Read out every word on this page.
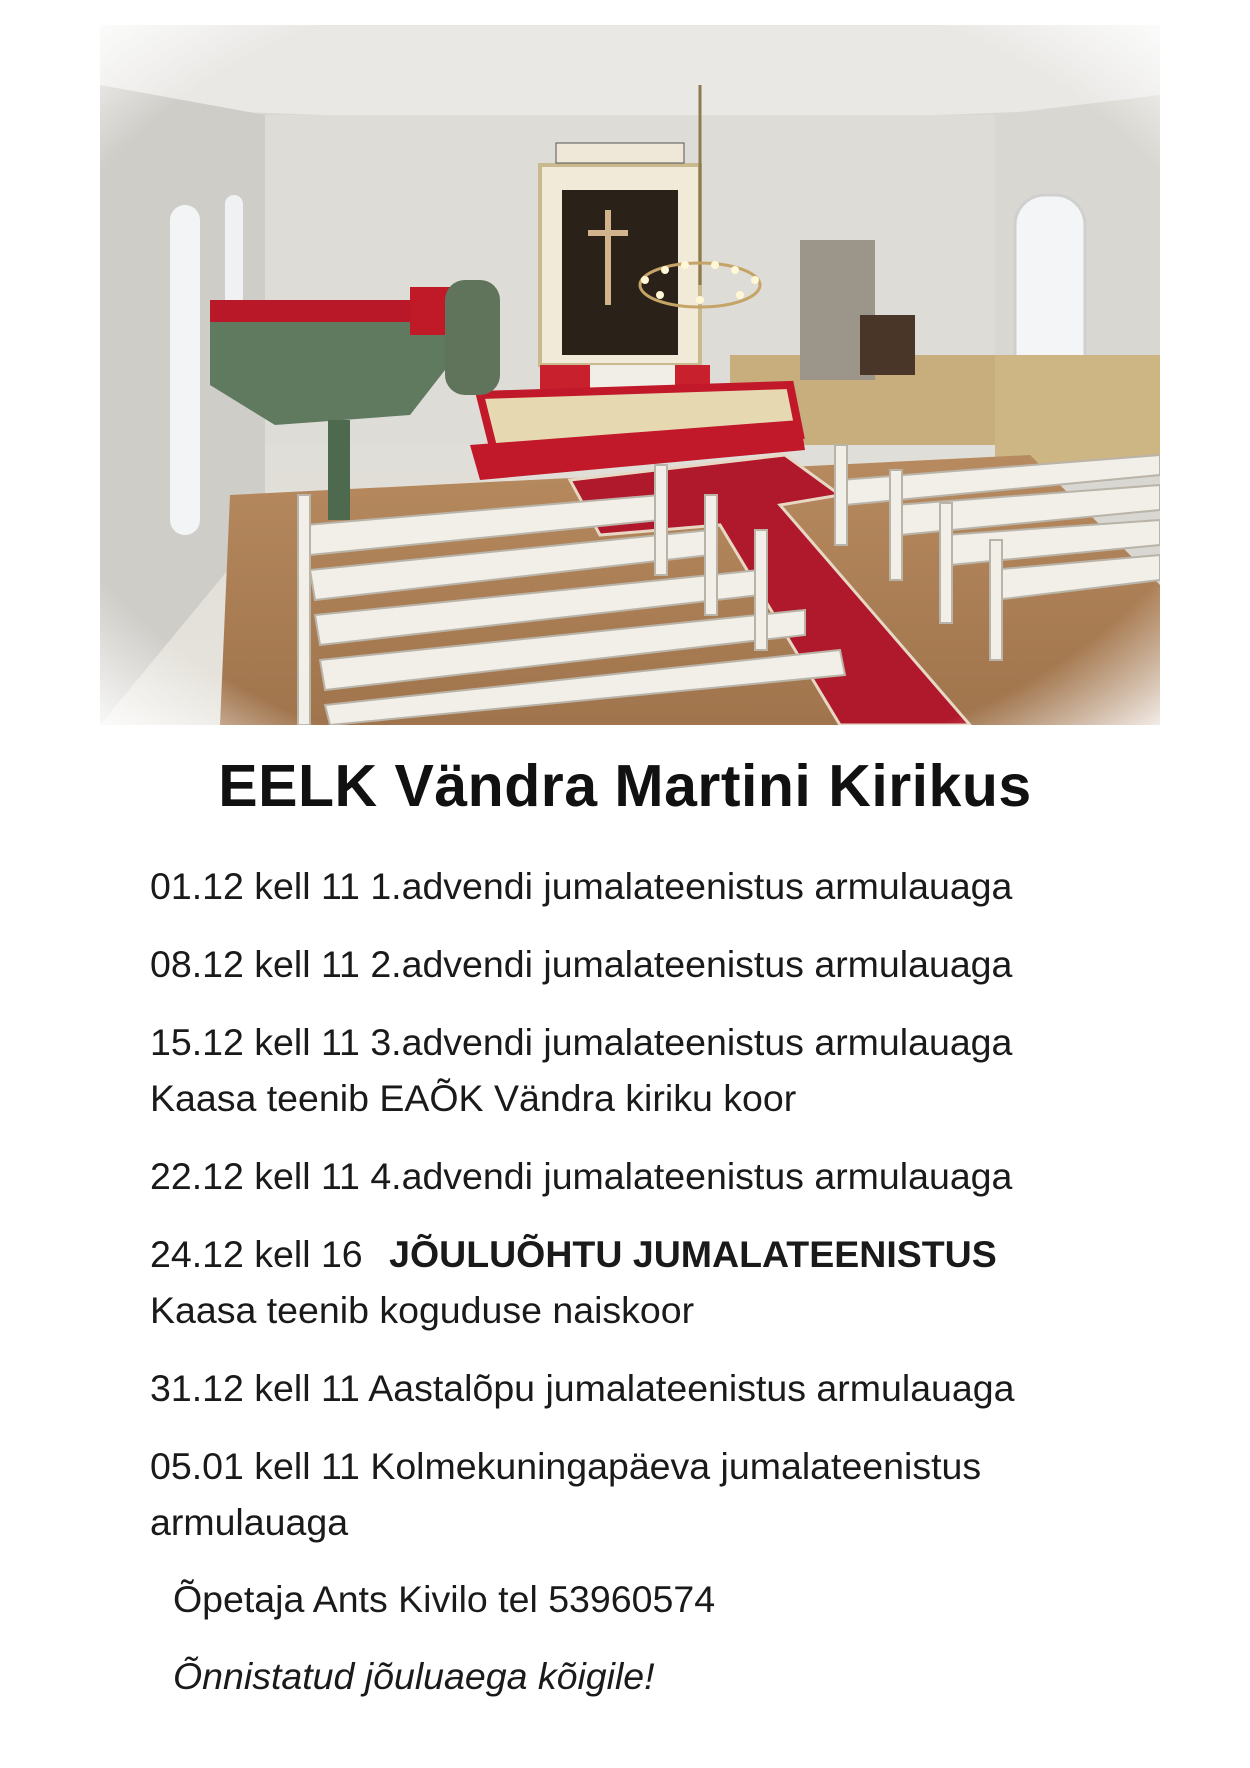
EELK Vändra Martini Kirikus
01.12 kell 11 1.advendi jumalateenistus armulauaga
08.12 kell 11 2.advendi jumalateenistus armulauaga
15.12 kell 11 3.advendi jumalateenistus armulauaga
Kaasa teenib EAÕK Vändra kiriku koor
22.12 kell 11 4.advendi jumalateenistus armulauaga
24.12 kell 16 JÕULUÕHTU JUMALATEENISTUS
Kaasa teenib koguduse naiskoor
31.12 kell 11 Aastalõpu jumalateenistus armulauaga
05.01 kell 11 Kolmekuningapäeva jumalateenistus
armulauaga
Õpetaja Ants Kivilo tel 53960574
Õnnistatud jõuluaega kõigile!
